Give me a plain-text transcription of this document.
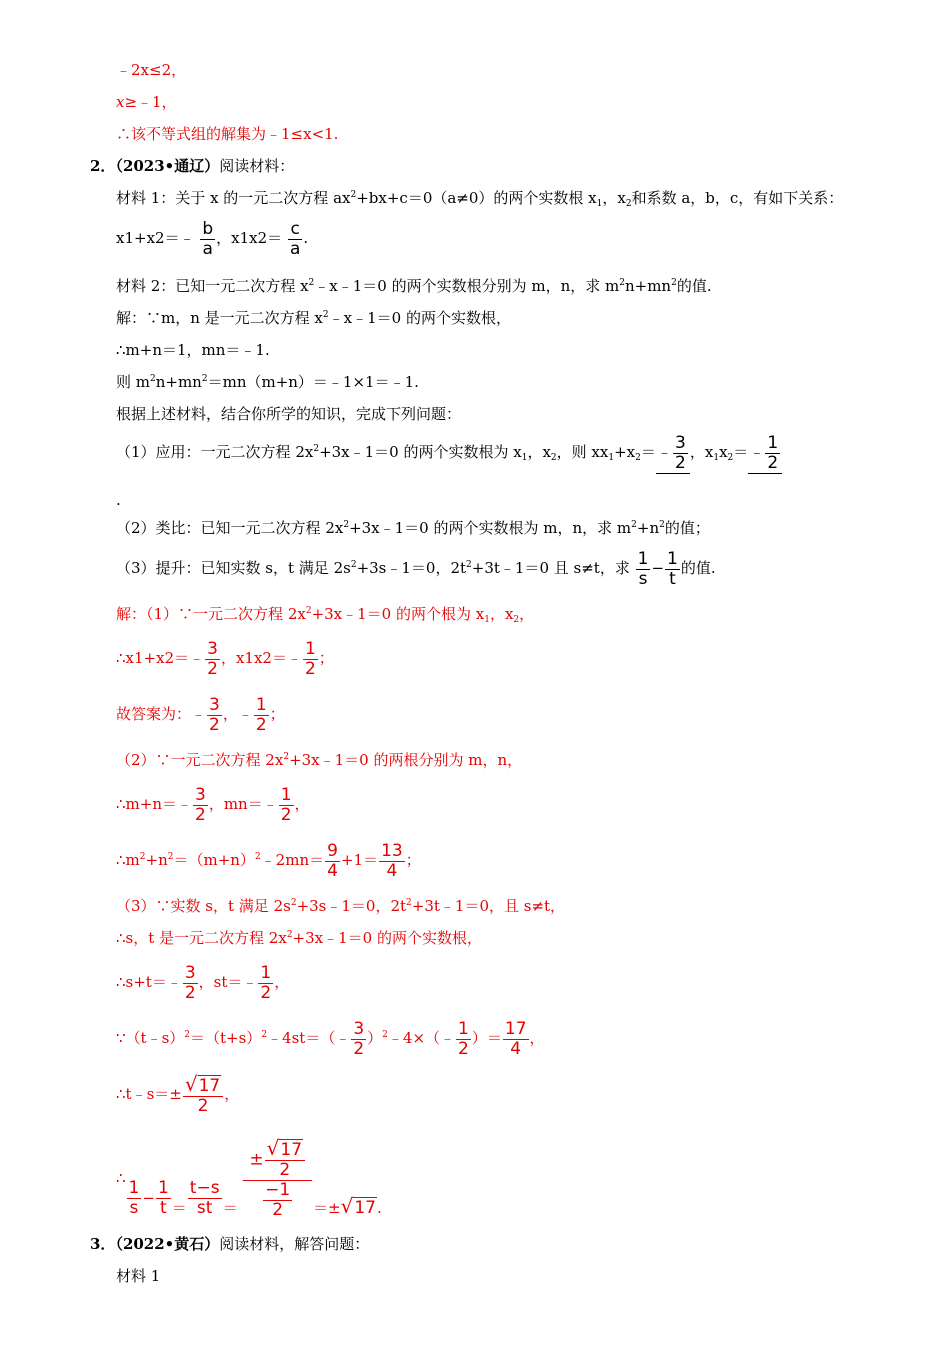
﹣2x≤2，
x≥﹣1，
∴该不等式组的解集为﹣1≤x<1.
2．（2023•通辽）阅读材料：
材料 1：关于 x 的一元二次方程 $ax^2+bx+c=0(a\ne 0)$的两个实数根 $x_1$，$x_2$和系数 a，b，c，有如下关系：
x1+x2＝﹣ $\frac{b}{a}$ ，$x1x2= \frac{c}{a}$ .
材料 2：已知一元二次方程 $x^2﹣x﹣1=0$ 的两个实数根分别为 m，n，求 $m^2n+mn^2$的值.
解：∵m，n 是一元二次方程 $x^2﹣x﹣1=0$ 的两个实数根，
∴m+n＝1，mn＝﹣1.
则 $m^2n+mn^2=mn(m+n)=﹣1\times 1=﹣1$.
根据上述材料，结合你所学的知识，完成下列问题：
（1）应用：一元二次方程 $2x^2+3x﹣1=0$ 的两个实数根为 $x_1$，$x_2$，则 $xx_1+x_2=﹣ \frac{3}{2}$ ，$x_1x_2=﹣ \frac{1}{2}$
.
（2）类比：已知一元二次方程 $2x^2+3x﹣1=0$ 的两个实数根为 m，n，求 $m^2+n^2$的值；
（3）提升：已知实数 s，t 满足 $2s^2+3s﹣1=0$，$2t^2+3t﹣1=0$ 且 s≠t，求 $\frac{1}{s} - \frac{1}{t}$ 的值.
解：（1）∵一元二次方程 $2x^2+3x﹣1=0$ 的两个根为 $x_1$，$x_2$，
∴x1+x2＝﹣ $\frac{3}{2}$ ，x1x2＝﹣ $\frac{1}{2}$ ；
故答案为：﹣ $\frac{3}{2}$ ，﹣ $\frac{1}{2}$ ；
（2）∵一元二次方程 $2x^2+3x﹣1=0$ 的两根分别为 m，n，
∴m+n＝﹣ $\frac{3}{2}$ ，mn＝﹣ $\frac{1}{2}$ ，
$\therefore m^2+n^2=(m+n)^2﹣2mn= \frac{9}{4} +1= \frac{13}{4}$ ；
（3）∵实数 s，t 满足 $2s^2+3s﹣1=0$，$2t^2+3t﹣1=0$，且 s≠t，
∴s，t 是一元二次方程 $2x^2+3x﹣1=0$ 的两个实数根，
∴s+t＝﹣ $\frac{3}{2}$ ，st＝﹣ $\frac{1}{2}$ ，
$\because(t﹣s)^2=(t+s)^2﹣4st=(﹣ \frac{3}{2}$ ）$^2$﹣4×（﹣ $\frac{1}{2}$ ）＝ $\frac{17}{4}$ ，
∴t﹣s＝± $\frac{√17}{2}$ ，
∴
$\frac{1}{s} - \frac{1}{t} = \frac{t-s}{st} = \frac{\pm \frac{√17}{2}}{\frac{-1}{2}} =\pm√17$.
3．（2022•黄石）阅读材料，解答问题：
材料 1
